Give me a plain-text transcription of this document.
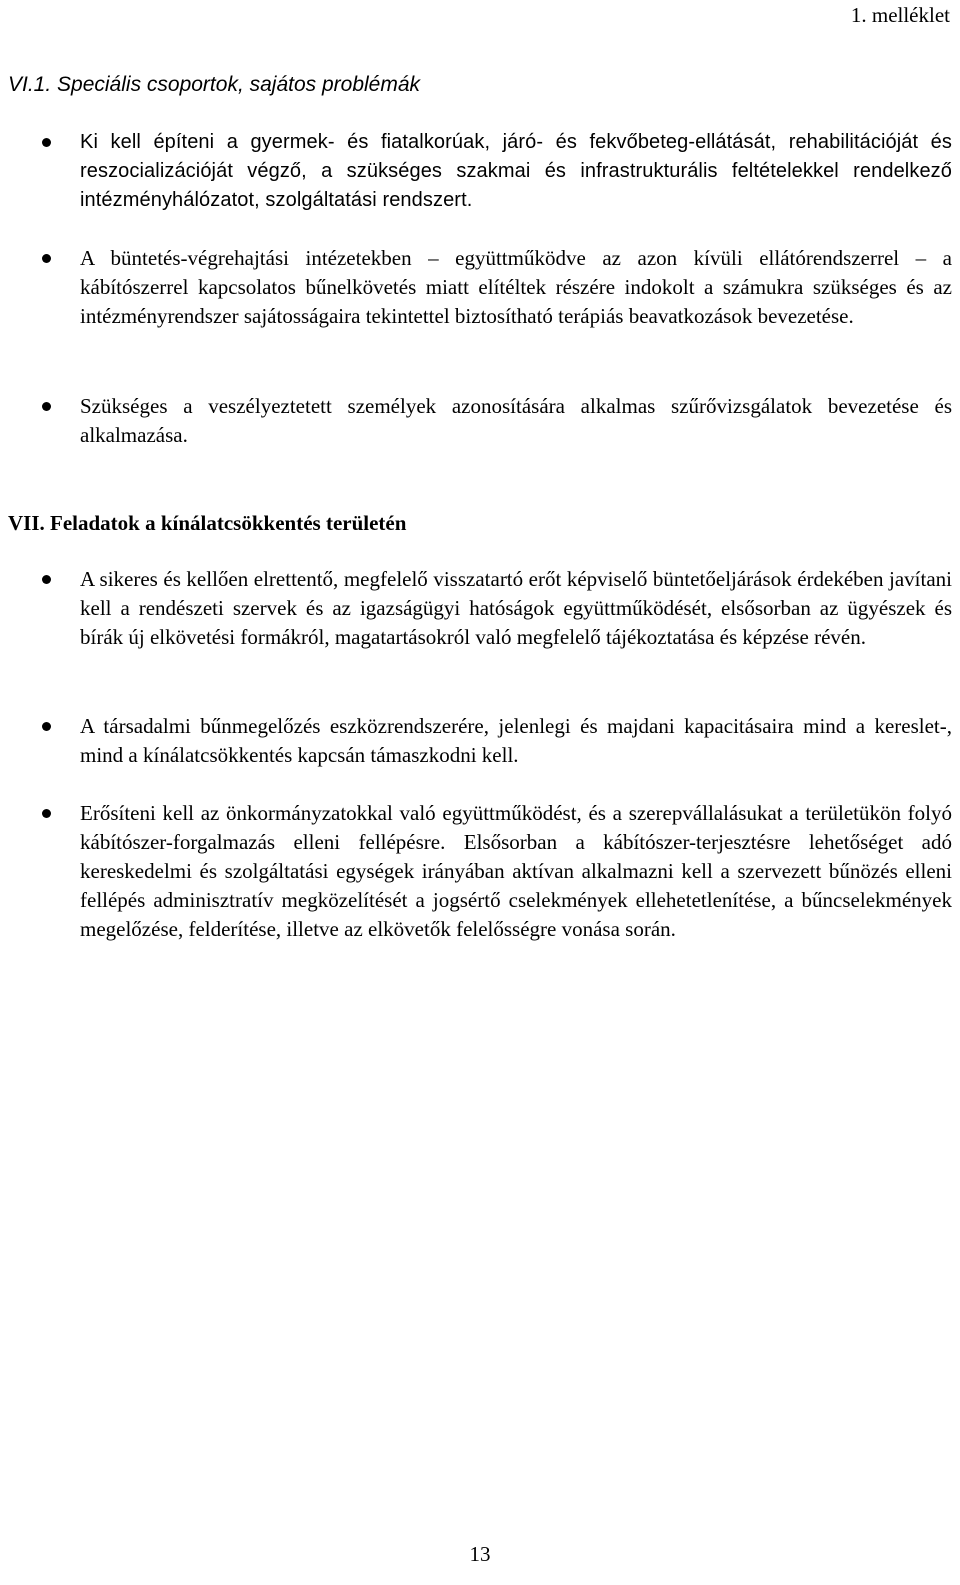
1. melléklet
VI.1. Speciális csoportok, sajátos problémák
Ki kell építeni a gyermek- és fiatalkorúak, járó- és fekvőbeteg-ellátását, rehabilitációját és reszocializációját végző, a szükséges szakmai és infrastrukturális feltételekkel rendelkező intézményhálózatot, szolgáltatási rendszert.
A büntetés-végrehajtási intézetekben – együttműködve az azon kívüli ellátórendszerrel – a kábítószerrel kapcsolatos bűnelkövetés miatt elítéltek részére indokolt a számukra szükséges és az intézményrendszer sajátosságaira tekintettel biztosítható terápiás beavatkozások bevezetése.
Szükséges a veszélyeztetett személyek azonosítására alkalmas szűrővizsgálatok bevezetése és alkalmazása.
VII. Feladatok a kínálatcsökkentés területén
A sikeres és kellően elrettentő, megfelelő visszatartó erőt képviselő büntetőeljárások érdekében javítani kell a rendészeti szervek és az igazságügyi hatóságok együttműködését, elsősorban az ügyészek és bírák új elkövetési formákról, magatartásokról való megfelelő tájékoztatása és képzése révén.
A társadalmi bűnmegelőzés eszközrendszerére, jelenlegi és majdani kapacitásaira mind a kereslet-, mind a kínálatcsökkentés kapcsán támaszkodni kell.
Erősíteni kell az önkormányzatokkal való együttműködést, és a szerepvállalásukat a területükön folyó kábítószer-forgalmazás elleni fellépésre. Elsősorban a kábítószer-terjesztésre lehetőséget adó kereskedelmi és szolgáltatási egységek irányában aktívan alkalmazni kell a szervezett bűnözés elleni fellépés adminisztratív megközelítését a jogsértő cselekmények ellehetetlenítése, a bűncselekmények megelőzése, felderítése, illetve az elkövetők felelősségre vonása során.
13
